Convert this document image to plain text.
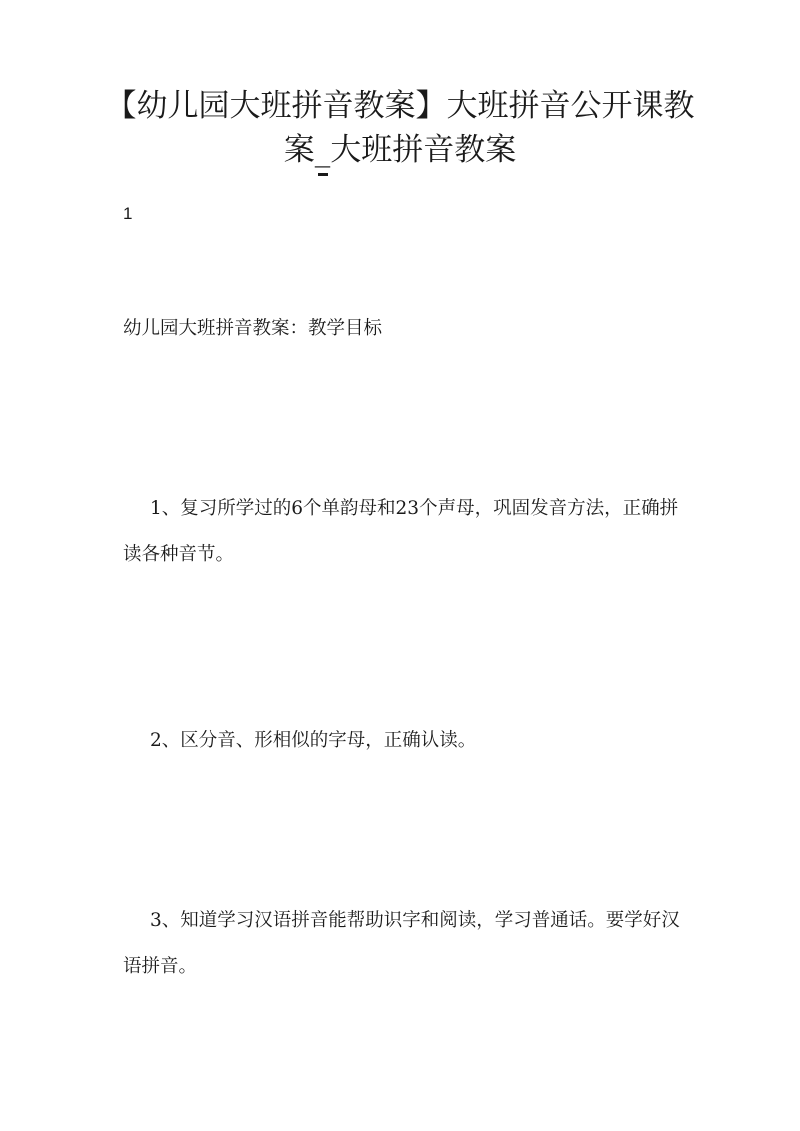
【幼儿园大班拼音教案】大班拼音公开课教
案_大班拼音教案
1

幼儿园大班拼音教案：教学目标

1、复习所学过的6个单韵母和23个声母，巩固发音方法，正确拼读各种音节。

2、区分音、形相似的字母，正确认读。

3、知道学习汉语拼音能帮助识字和阅读，学习普通话。要学好汉语拼音。
